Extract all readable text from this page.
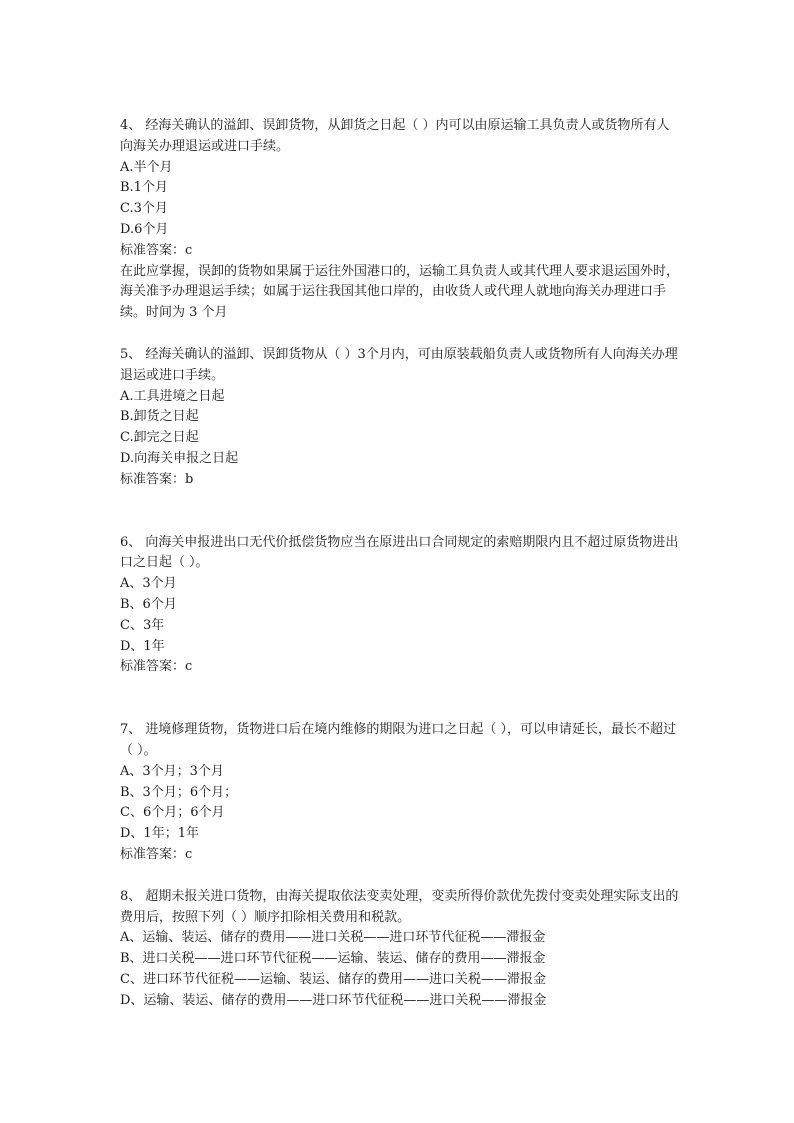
4、 经海关确认的溢卸、误卸货物，从卸货之日起（ ）内可以由原运输工具负责人或货物所有人向海关办理退运或进口手续。
A.半个月
B.1个月
C.3个月
D.6个月
标准答案：c
在此应掌握，误卸的货物如果属于运往外国港口的，运输工具负责人或其代理人要求退运国外时，海关准予办理退运手续；如属于运往我国其他口岸的，由收货人或代理人就地向海关办理进口手续。时间为 3 个月
5、 经海关确认的溢卸、误卸货物从（ ）3个月内，可由原装载船负责人或货物所有人向海关办理退运或进口手续。
A.工具进境之日起
B.卸货之日起
C.卸完之日起
D.向海关申报之日起
标准答案：b
6、 向海关申报进出口无代价抵偿货物应当在原进出口合同规定的索赔期限内且不超过原货物进出口之日起（ ）。
A、3个月
B、6个月
C、3年
D、1年
标准答案：c
7、 进境修理货物，货物进口后在境内维修的期限为进口之日起（ ），可以申请延长，最长不超过（ ）。
A、3个月；3个月
B、3个月；6个月；
C、6个月；6个月
D、1年；1年
标准答案：c
8、 超期未报关进口货物，由海关提取依法变卖处理，变卖所得价款优先拨付变卖处理实际支出的费用后，按照下列（ ）顺序扣除相关费用和税款。
A、运输、装运、储存的费用——进口关税——进口环节代征税——滞报金
B、进口关税——进口环节代征税——运输、装运、储存的费用——滞报金
C、进口环节代征税——运输、装运、储存的费用——进口关税——滞报金
D、运输、装运、储存的费用——进口环节代征税——进口关税——滞报金
